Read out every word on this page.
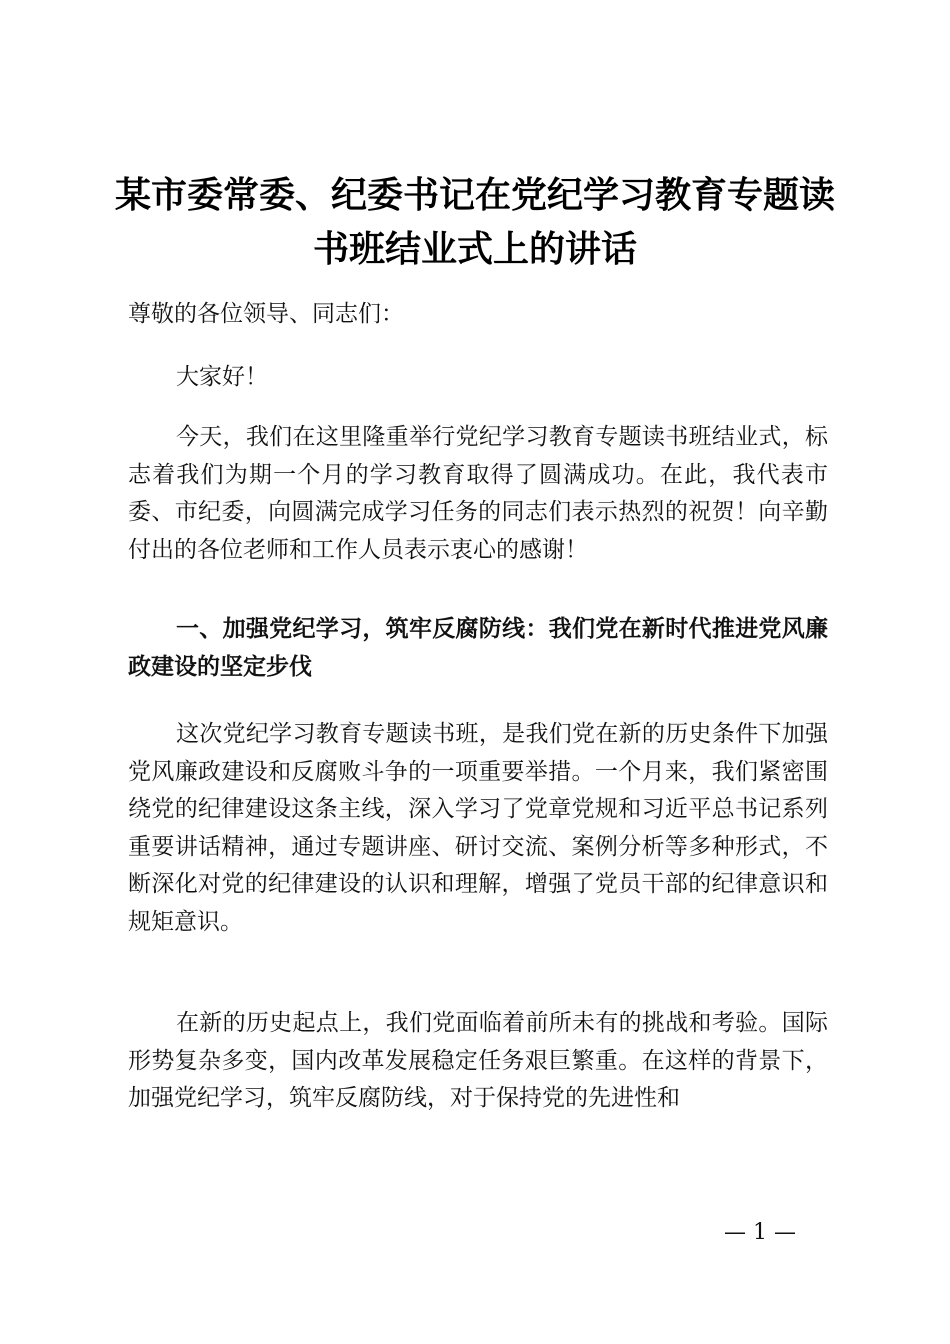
某市委常委、纪委书记在党纪学习教育专题读书班结业式上的讲话

尊敬的各位领导、同志们：

大家好！

今天，我们在这里隆重举行党纪学习教育专题读书班结业式，标志着我们为期一个月的学习教育取得了圆满成功。在此，我代表市委、市纪委，向圆满完成学习任务的同志们表示热烈的祝贺！向辛勤付出的各位老师和工作人员表示衷心的感谢！

一、加强党纪学习，筑牢反腐防线：我们党在新时代推进党风廉政建设的坚定步伐

这次党纪学习教育专题读书班，是我们党在新的历史条件下加强党风廉政建设和反腐败斗争的一项重要举措。一个月来，我们紧密围绕党的纪律建设这条主线，深入学习了党章党规和习近平总书记系列重要讲话精神，通过专题讲座、研讨交流、案例分析等多种形式，不断深化对党的纪律建设的认识和理解，增强了党员干部的纪律意识和规矩意识。

在新的历史起点上，我们党面临着前所未有的挑战和考验。国际形势复杂多变，国内改革发展稳定任务艰巨繁重。在这样的背景下，加强党纪学习，筑牢反腐防线，对于保持党的先进性和

— 1 —
